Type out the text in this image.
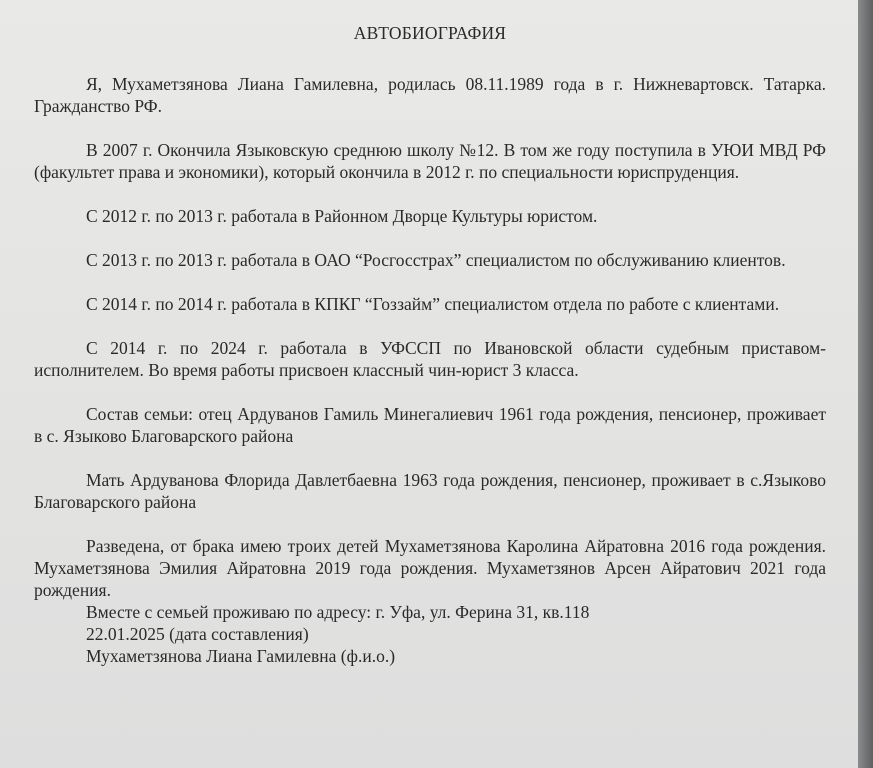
АВТОБИОГРАФИЯ

Я, Мухаметзянова Лиана Гамилевна, родилась 08.11.1989 года в г. Нижневартовск. Татарка. Гражданство РФ.

В 2007 г. Окончила Языковскую среднюю школу №12. В том же году поступила в УЮИ МВД РФ (факультет права и экономики), который окончила в 2012 г. по специальности юриспруденция.

С 2012 г. по 2013 г. работала в Районном Дворце Культуры юристом.

С 2013 г. по 2013 г. работала в ОАО “Росгосстрах” специалистом по обслуживанию клиентов.

С 2014 г. по 2014 г. работала в КПКГ “Гоззайм” специалистом отдела по работе с клиентами.

С 2014 г. по 2024 г. работала в УФССП по Ивановской области судебным приставом-исполнителем. Во время работы присвоен классный чин-юрист 3 класса.

Состав семьи: отец Ардуванов Гамиль Минегалиевич 1961 года рождения, пенсионер, проживает в с. Языково Благоварского района

Мать Ардуванова Флорида Давлетбаевна 1963 года рождения, пенсионер, проживает в с.Языково Благоварского района

Разведена, от брака имею троих детей Мухаметзянова Каролина Айратовна 2016 года рождения. Мухаметзянова Эмилия Айратовна 2019 года рождения. Мухаметзянов Арсен Айратович 2021 года рождения.

Вместе с семьей проживаю по адресу: г. Уфа, ул. Ферина 31, кв.118

22.01.2025 (дата составления)

Мухаметзянова Лиана Гамилевна (ф.и.о.)
